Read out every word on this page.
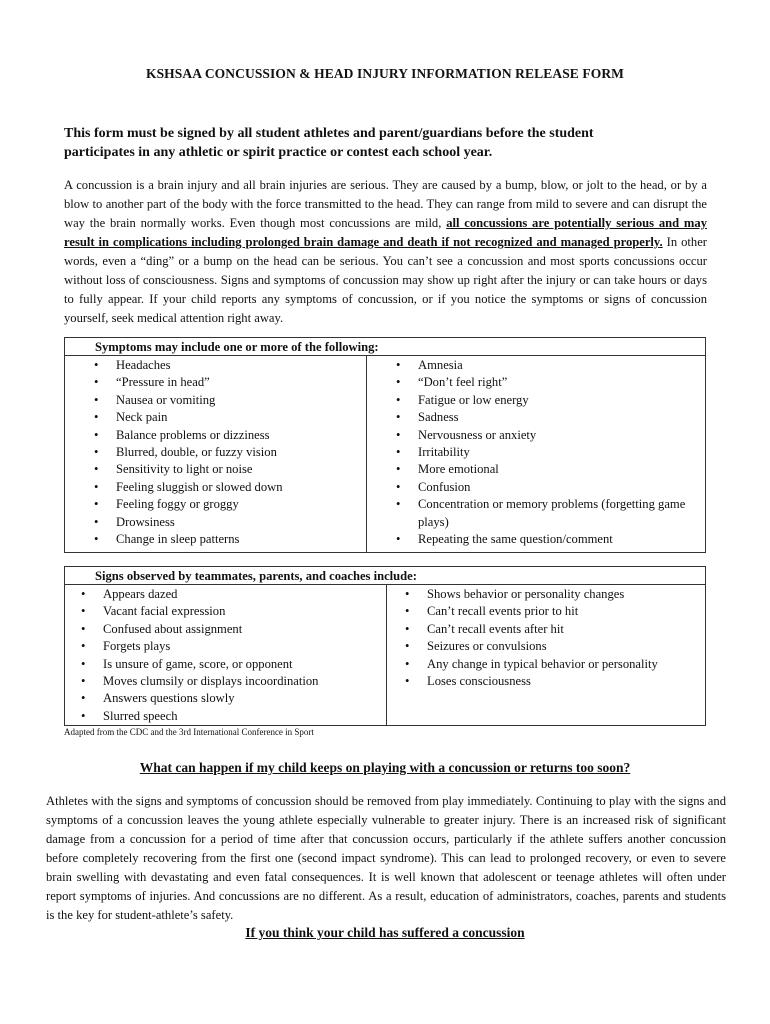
KSHSAA CONCUSSION & HEAD INJURY INFORMATION RELEASE FORM
This form must be signed by all student athletes and parent/guardians before the student participates in any athletic or spirit practice or contest each school year.
A concussion is a brain injury and all brain injuries are serious. They are caused by a bump, blow, or jolt to the head, or by a blow to another part of the body with the force transmitted to the head. They can range from mild to severe and can disrupt the way the brain normally works. Even though most concussions are mild, all concussions are potentially serious and may result in complications including prolonged brain damage and death if not recognized and managed properly. In other words, even a “ding” or a bump on the head can be serious. You can’t see a concussion and most sports concussions occur without loss of consciousness. Signs and symptoms of concussion may show up right after the injury or can take hours or days to fully appear. If your child reports any symptoms of concussion, or if you notice the symptoms or signs of concussion yourself, seek medical attention right away.
Symptoms may include one or more of the following:
• Headaches
• “Pressure in head”
• Nausea or vomiting
• Neck pain
• Balance problems or dizziness
• Blurred, double, or fuzzy vision
• Sensitivity to light or noise
• Feeling sluggish or slowed down
• Feeling foggy or groggy
• Drowsiness
• Change in sleep patterns
• Amnesia
• “Don’t feel right”
• Fatigue or low energy
• Sadness
• Nervousness or anxiety
• Irritability
• More emotional
• Confusion
• Concentration or memory problems (forgetting game plays)
• Repeating the same question/comment
Signs observed by teammates, parents, and coaches include:
• Appears dazed
• Vacant facial expression
• Confused about assignment
• Forgets plays
• Is unsure of game, score, or opponent
• Moves clumsily or displays incoordination
• Answers questions slowly
• Slurred speech
• Shows behavior or personality changes
• Can’t recall events prior to hit
• Can’t recall events after hit
• Seizures or convulsions
• Any change in typical behavior or personality
• Loses consciousness
Adapted from the CDC and the 3rd International Conference in Sport
What can happen if my child keeps on playing with a concussion or returns too soon?
Athletes with the signs and symptoms of concussion should be removed from play immediately. Continuing to play with the signs and symptoms of a concussion leaves the young athlete especially vulnerable to greater injury. There is an increased risk of significant damage from a concussion for a period of time after that concussion occurs, particularly if the athlete suffers another concussion before completely recovering from the first one (second impact syndrome). This can lead to prolonged recovery, or even to severe brain swelling with devastating and even fatal consequences. It is well known that adolescent or teenage athletes will often under report symptoms of injuries. And concussions are no different. As a result, education of administrators, coaches, parents and students is the key for student-athlete’s safety.
If you think your child has suffered a concussion
